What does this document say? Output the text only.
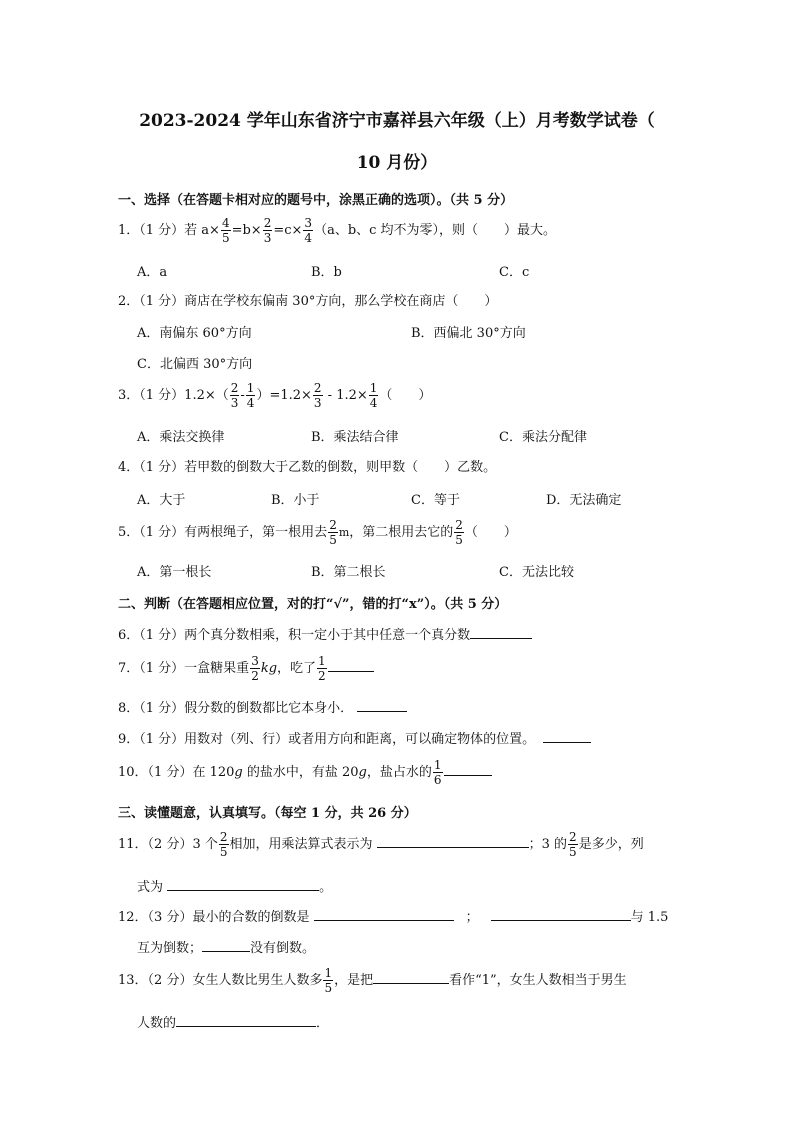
2023-2024 学年山东省济宁市嘉祥县六年级（上）月考数学试卷（
10 月份）
一、选择（在答题卡相对应的题号中，涂黑正确的选项）。（共 5 分）
1．（1 分）若 $a\times \frac{4}{5} =b\times \frac{2}{3} =c\times \frac{3}{4} (a$、b、c 均不为零），则（　　）最大。
A．a	B．b	C．c
2．（1 分）商店在学校东偏南 30°方向，那么学校在商店（　　）
A．南偏东 60°方向	B．西偏北 30°方向
C．北偏西 30°方向
3．（1 分）$1.2\times( \frac{2}{3} - \frac{1}{4} )=1.2\times \frac{2}{3} - 1.2\times \frac{1}{4}$ （　　）
A．乘法交换律	B．乘法结合律	C．乘法分配律
4．（1 分）若甲数的倒数大于乙数的倒数，则甲数（　　）乙数。
A．大于	B．小于	C．等于	D．无法确定
5．（1 分）有两根绳子，第一根用去 $\frac{2}{5}$ m，第二根用去它的 $\frac{2}{5}$ （　　）
A．第一根长	B．第二根长	C．无法比较
二、判断（在答题相应位置，对的打“√”，错的打“x”）。（共 5 分）
6．（1 分）两个真分数相乘，积一定小于其中任意一个真分数
7．（1 分）一盒糖果重 $\frac{3}{2}$ kg，吃了 $\frac{1}{2}$
8．（1 分）假分数的倒数都比它本身小．
9．（1 分）用数对（列、行）或者用方向和距离，可以确定物体的位置。
10．（1 分）在 120g 的盐水中，有盐 20g，盐占水的 $\frac{1}{6}$
三、读懂题意，认真填写。（每空 1 分，共 26 分）
11．（2 分）3 个 $\frac{2}{5}$ 相加，用乘法算式表示为	；3 的 $\frac{2}{5}$ 是多少，列
式为	。
12．（3 分）最小的合数的倒数是	；	与 1.5
互为倒数；	没有倒数。
13．（2 分）女生人数比男生人数多 $\frac{1}{5}$ ，是把	看作“1”，女生人数相当于男生
人数的	．
